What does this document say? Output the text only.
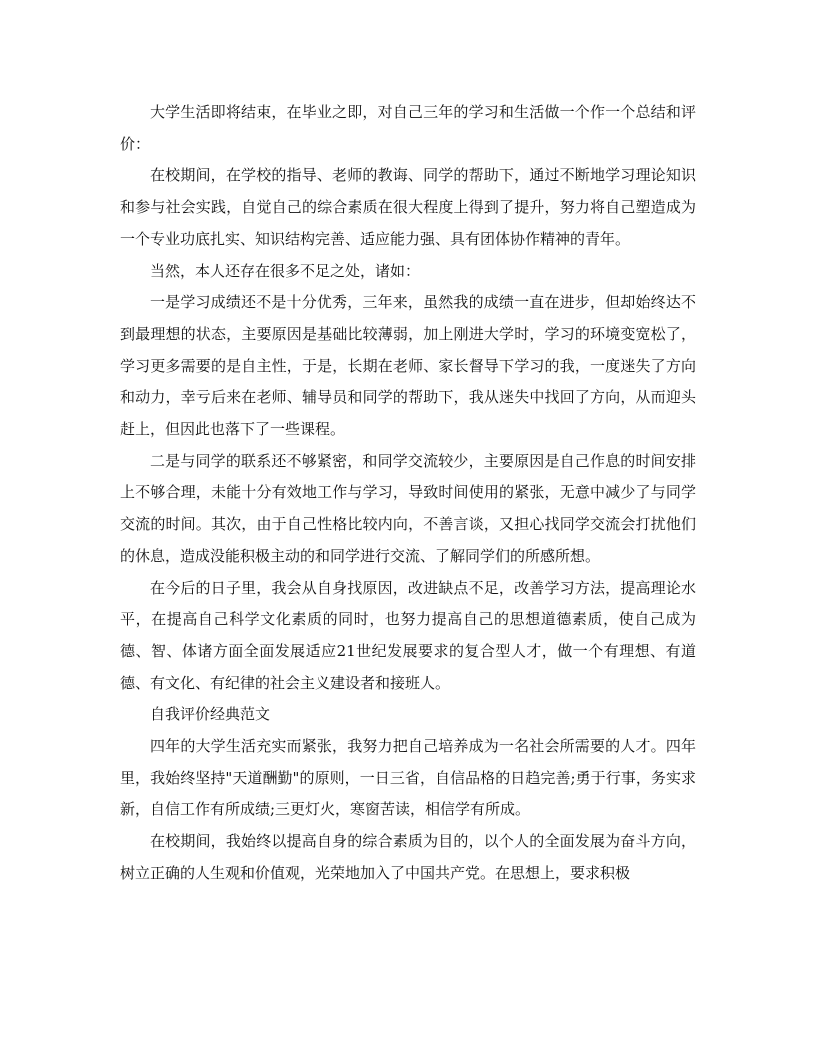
大学生活即将结束，在毕业之即，对自己三年的学习和生活做一个作一个总结和评价：

在校期间，在学校的指导、老师的教诲、同学的帮助下，通过不断地学习理论知识和参与社会实践，自觉自己的综合素质在很大程度上得到了提升，努力将自己塑造成为一个专业功底扎实、知识结构完善、适应能力强、具有团体协作精神的青年。

当然，本人还存在很多不足之处，诸如：

一是学习成绩还不是十分优秀，三年来，虽然我的成绩一直在进步，但却始终达不到最理想的状态，主要原因是基础比较薄弱，加上刚进大学时，学习的环境变宽松了，学习更多需要的是自主性，于是，长期在老师、家长督导下学习的我，一度迷失了方向和动力，幸亏后来在老师、辅导员和同学的帮助下，我从迷失中找回了方向，从而迎头赶上，但因此也落下了一些课程。

二是与同学的联系还不够紧密，和同学交流较少，主要原因是自己作息的时间安排上不够合理，未能十分有效地工作与学习，导致时间使用的紧张，无意中减少了与同学交流的时间。其次，由于自己性格比较内向，不善言谈，又担心找同学交流会打扰他们的休息，造成没能积极主动的和同学进行交流、了解同学们的所感所想。

在今后的日子里，我会从自身找原因，改进缺点不足，改善学习方法，提高理论水平，在提高自己科学文化素质的同时，也努力提高自己的思想道德素质，使自己成为德、智、体诸方面全面发展适应21世纪发展要求的复合型人才，做一个有理想、有道德、有文化、有纪律的社会主义建设者和接班人。

自我评价经典范文

四年的大学生活充实而紧张，我努力把自己培养成为一名社会所需要的人才。四年里，我始终坚持"天道酬勤"的原则，一日三省，自信品格的日趋完善;勇于行事，务实求新，自信工作有所成绩;三更灯火，寒窗苦读，相信学有所成。

在校期间，我始终以提高自身的综合素质为目的，以个人的全面发展为奋斗方向，树立正确的人生观和价值观，光荣地加入了中国共产党。在思想上，要求积极
